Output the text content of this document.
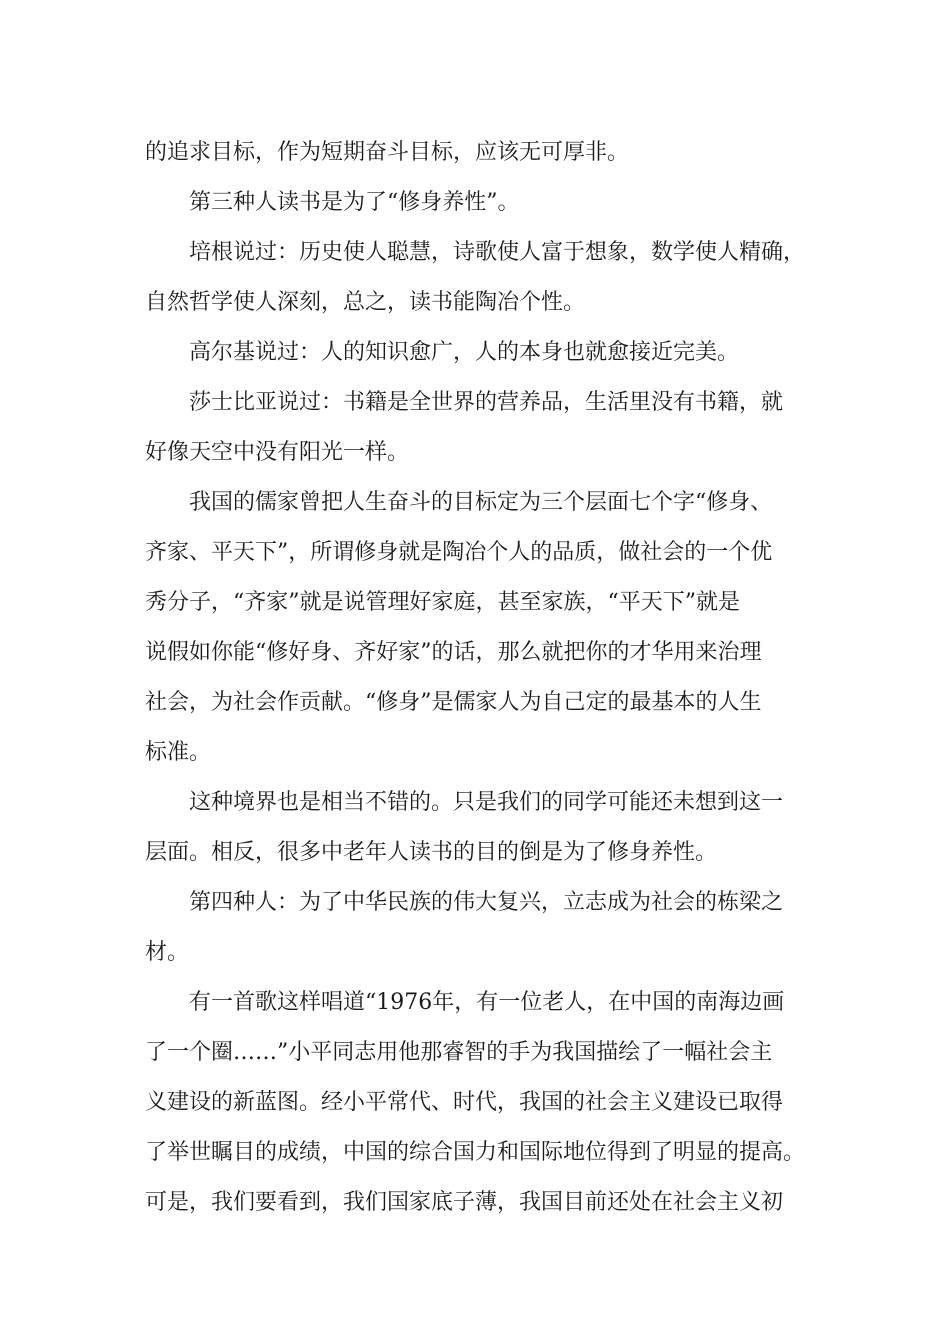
的追求目标，作为短期奋斗目标，应该无可厚非。
第三种人读书是为了“修身养性”。
培根说过：历史使人聪慧，诗歌使人富于想象，数学使人精确，
自然哲学使人深刻，总之，读书能陶冶个性。
高尔基说过：人的知识愈广，人的本身也就愈接近完美。
莎士比亚说过：书籍是全世界的营养品，生活里没有书籍，就
好像天空中没有阳光一样。
我国的儒家曾把人生奋斗的目标定为三个层面七个字“修身、
齐家、平天下”，所谓修身就是陶冶个人的品质，做社会的一个优
秀分子，“齐家”就是说管理好家庭，甚至家族，“平天下”就是
说假如你能“修好身、齐好家”的话，那么就把你的才华用来治理
社会，为社会作贡献。“修身”是儒家人为自己定的最基本的人生
标准。
这种境界也是相当不错的。只是我们的同学可能还未想到这一
层面。相反，很多中老年人读书的目的倒是为了修身养性。
第四种人：为了中华民族的伟大复兴，立志成为社会的栋梁之
材。
有一首歌这样唱道“1976年，有一位老人，在中国的南海边画
了一个圈……”小平同志用他那睿智的手为我国描绘了一幅社会主
义建设的新蓝图。经小平常代、时代，我国的社会主义建设已取得
了举世瞩目的成绩，中国的综合国力和国际地位得到了明显的提高。
可是，我们要看到，我们国家底子薄，我国目前还处在社会主义初
